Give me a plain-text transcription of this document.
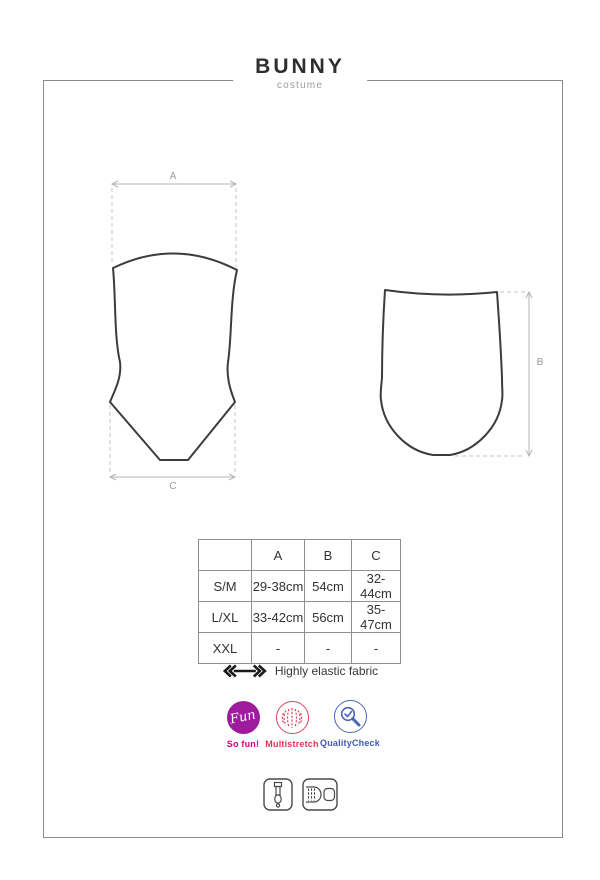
BUNNY
costume
A
B
C
	A	B	C
S/M	29-38cm	54cm	32-44cm
L/XL	33-42cm	56cm	35-47cm
XXL	-	-	-
Highly elastic fabric
Fun
So fun! Multistretch QualityCheck
